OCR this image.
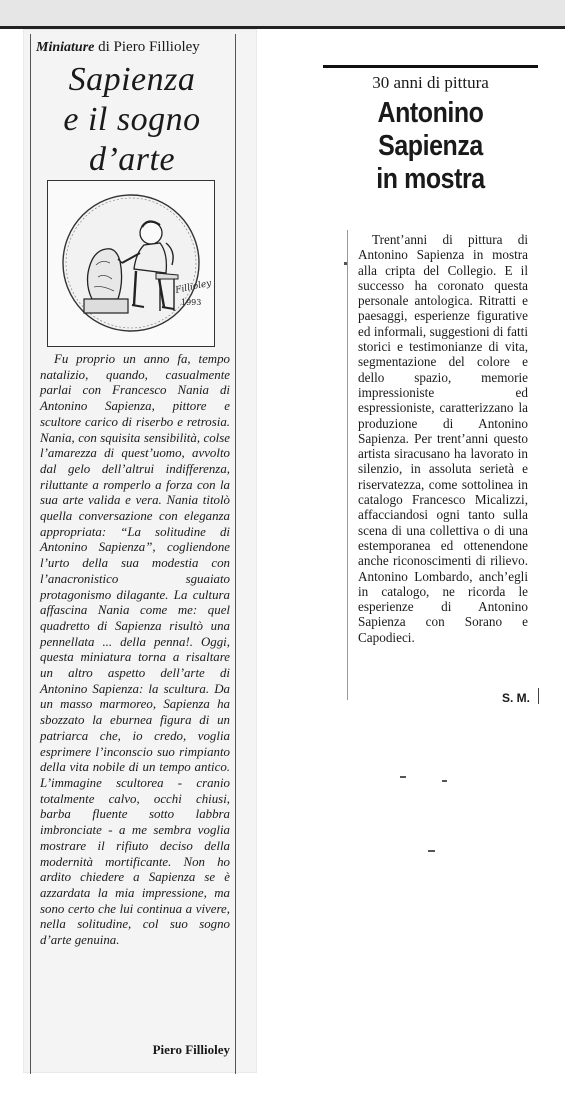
Miniature di Piero Fillioley
Sapienza
e il sogno
d’arte
Fillioley
1993
Fu proprio un anno fa, tempo natalizio, quando, casualmente parlai con Francesco Nania di Antonino Sapienza, pittore e scultore carico di riserbo e retrosia. Nania, con squisita sensibilità, colse l’amarezza di quest’uomo, avvolto dal gelo dell’altrui indifferenza, riluttante a romperlo a forza con la sua arte valida e vera. Nania titolò quella conversazione con eleganza appropriata: “La solitudine di Antonino Sapienza”, cogliendone l’urto della sua modestia con l’anacronistico sguaiato protagonismo dilagante. La cultura affascina Nania come me: quel quadretto di Sapienza risultò una pennellata ... della penna!. Oggi, questa miniatura torna a risaltare un altro aspetto dell’arte di Antonino Sapienza: la scultura. Da un masso marmoreo, Sapienza ha sbozzato la eburnea figura di un patriarca che, io credo, voglia esprimere l’inconscio suo rimpianto della vita nobile di un tempo antico. L’immagine scultorea - cranio totalmente calvo, occhi chiusi, barba fluente sotto labbra imbronciate - a me sembra voglia mostrare il rifiuto deciso della modernità mortificante. Non ho ardito chiedere a Sapienza se è azzardata la mia impressione, ma sono certo che lui continua a vivere, nella solitudine, col suo sogno d’arte genuina.
Piero Fillioley
30 anni di pittura
Antonino
Sapienza
in mostra
Trent’anni di pittura di Antonino Sapienza in mostra alla cripta del Collegio. E il successo ha coronato questa personale antologica. Ritratti e paesaggi, esperienze figurative ed informali, suggestioni di fatti storici e testimonianze di vita, segmentazione del colore e dello spazio, memorie impressioniste ed espressioniste, caratterizzano la produzione di Antonino Sapienza. Per trent’anni questo artista siracusano ha lavorato in silenzio, in assoluta serietà e riservatezza, come sottolinea in catalogo Francesco Micalizzi, affacciandosi ogni tanto sulla scena di una collettiva o di una estemporanea ed ottenendone anche riconoscimenti di rilievo. Antonino Lombardo, anch’egli in catalogo, ne ricorda le esperienze di Antonino Sapienza con Sorano e Capodieci.
S. M.
